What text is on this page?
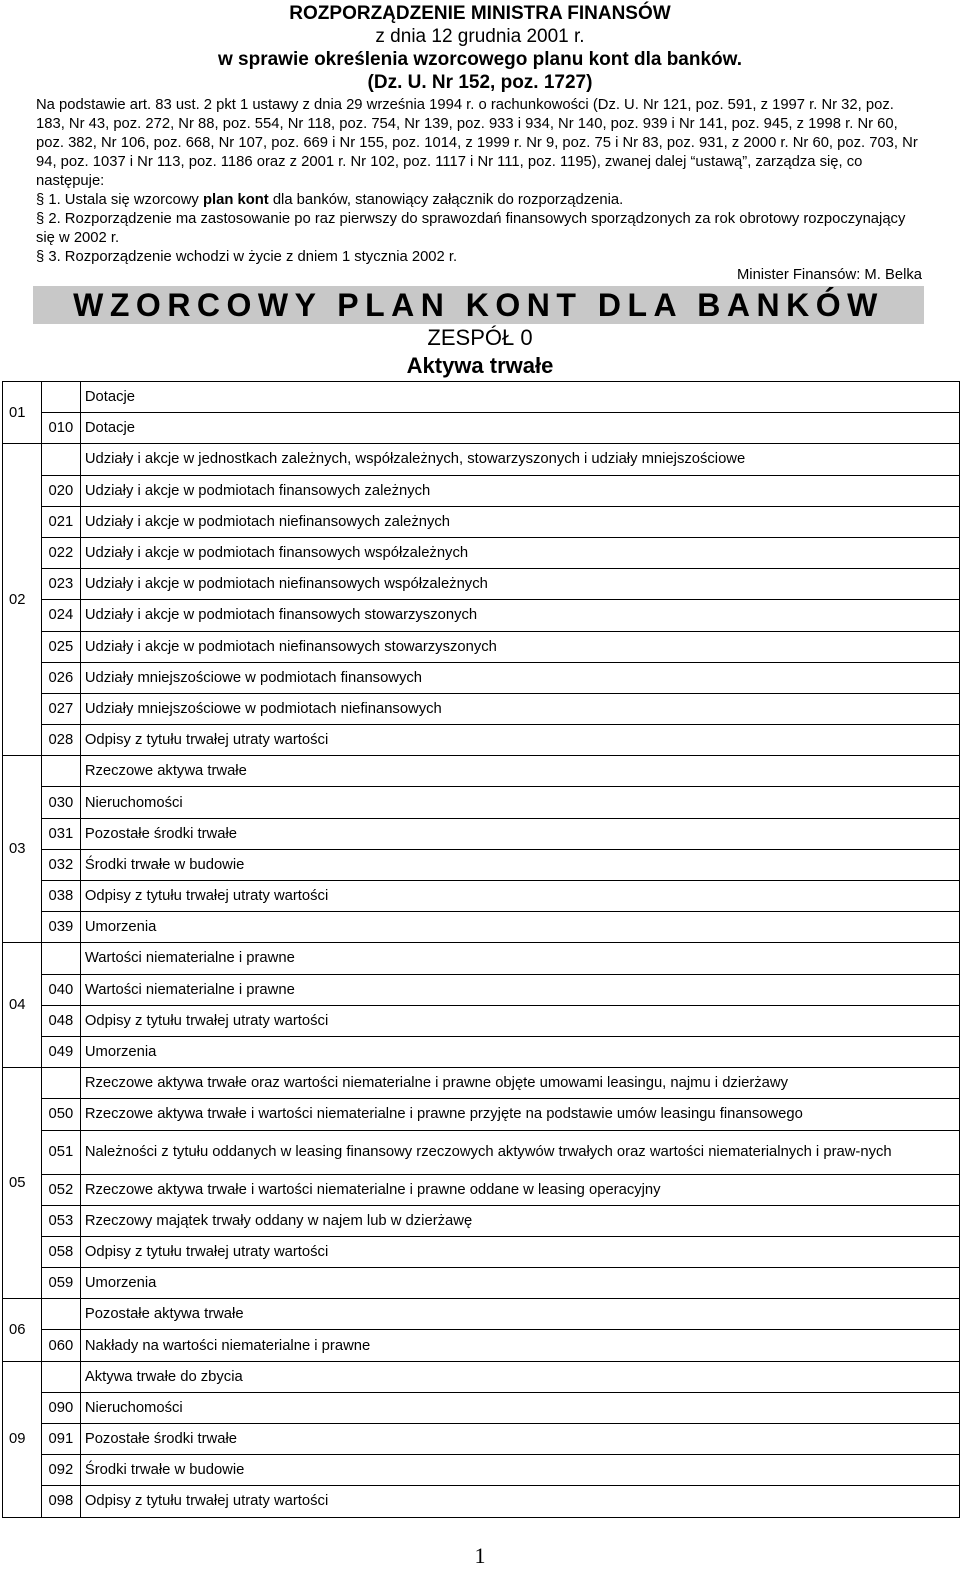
ROZPORZĄDZENIE MINISTRA FINANSÓW
z dnia 12 grudnia 2001 r.
w sprawie określenia wzorcowego planu kont dla banków.
(Dz. U. Nr 152, poz. 1727)
Na podstawie art. 83 ust. 2 pkt 1 ustawy z dnia 29 września 1994 r. o rachunkowości (Dz. U. Nr 121, poz. 591, z 1997 r. Nr 32, poz. 183, Nr 43, poz. 272, Nr 88, poz. 554, Nr 118, poz. 754, Nr 139, poz. 933 i 934, Nr 140, poz. 939 i Nr 141, poz. 945, z 1998 r. Nr 60, poz. 382, Nr 106, poz. 668, Nr 107, poz. 669 i Nr 155, poz. 1014, z 1999 r. Nr 9, poz. 75 i Nr 83, poz. 931, z 2000 r. Nr 60, poz. 703, Nr 94, poz. 1037 i Nr 113, poz. 1186 oraz z 2001 r. Nr 102, poz. 1117 i Nr 111, poz. 1195), zwanej dalej “ustawą”, zarządza się, co następuje:
§ 1. Ustala się wzorcowy plan kont dla banków, stanowiący załącznik do rozporządzenia.
§ 2. Rozporządzenie ma zastosowanie po raz pierwszy do sprawozdań finansowych sporządzonych za rok obrotowy rozpoczynający się w 2002 r.
§ 3. Rozporządzenie wchodzi w życie z dniem 1 stycznia 2002 r.
Minister Finansów: M. Belka
WZORCOWY PLAN KONT DLA BANKÓW
ZESPÓŁ 0
Aktywa trwałe
01		Dotacje
	010	Dotacje
02		Udziały i akcje w jednostkach zależnych, współzależnych, stowarzyszonych i udziały mniejszościowe
	020	Udziały i akcje w podmiotach finansowych zależnych
	021	Udziały i akcje w podmiotach niefinansowych zależnych
	022	Udziały i akcje w podmiotach finansowych współzależnych
	023	Udziały i akcje w podmiotach niefinansowych współzależnych
	024	Udziały i akcje w podmiotach finansowych stowarzyszonych
	025	Udziały i akcje w podmiotach niefinansowych stowarzyszonych
	026	Udziały mniejszościowe w podmiotach finansowych
	027	Udziały mniejszościowe w podmiotach niefinansowych
	028	Odpisy z tytułu trwałej utraty wartości
03		Rzeczowe aktywa trwałe
	030	Nieruchomości
	031	Pozostałe środki trwałe
	032	Środki trwałe w budowie
	038	Odpisy z tytułu trwałej utraty wartości
	039	Umorzenia
04		Wartości niematerialne i prawne
	040	Wartości niematerialne i prawne
	048	Odpisy z tytułu trwałej utraty wartości
	049	Umorzenia
05		Rzeczowe aktywa trwałe oraz wartości niematerialne i prawne objęte umowami leasingu, najmu i dzierżawy
	050	Rzeczowe aktywa trwałe i wartości niematerialne i prawne przyjęte na podstawie umów leasingu finansowego
	051	Należności z tytułu oddanych w leasing finansowy rzeczowych aktywów trwałych oraz wartości niematerialnych i praw-nych
	052	Rzeczowe aktywa trwałe i wartości niematerialne i prawne oddane w leasing operacyjny
	053	Rzeczowy majątek trwały oddany w najem lub w dzierżawę
	058	Odpisy z tytułu trwałej utraty wartości
	059	Umorzenia
06		Pozostałe aktywa trwałe
	060	Nakłady na wartości niematerialne i prawne
09		Aktywa trwałe do zbycia
	090	Nieruchomości
	091	Pozostałe środki trwałe
	092	Środki trwałe w budowie
	098	Odpisy z tytułu trwałej utraty wartości
1
